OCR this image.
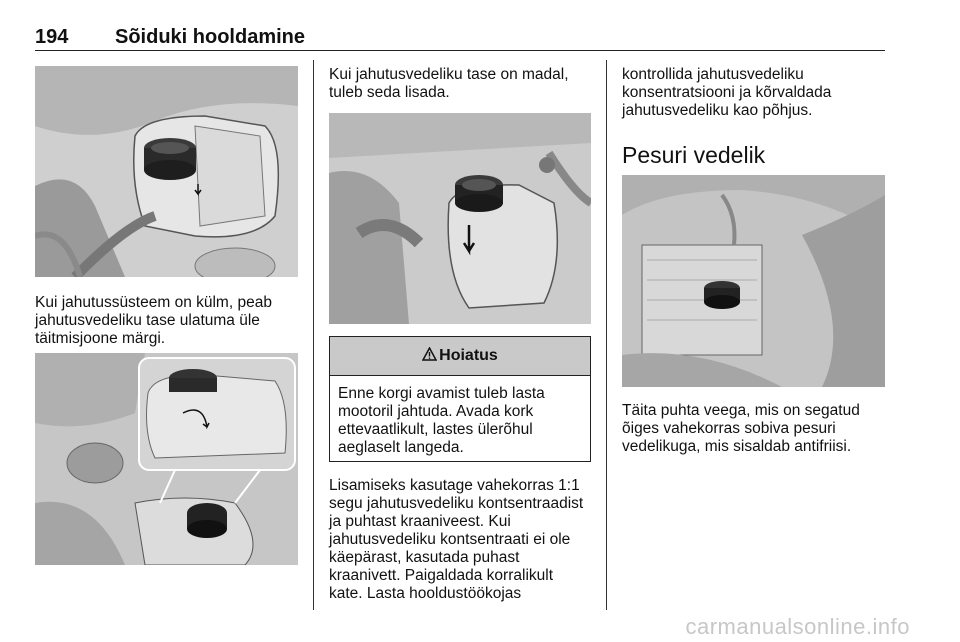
194 Sõiduki hooldamine

Kui jahutussüsteem on külm, peab
jahutusvedeliku tase ulatuma üle
täitmisjoone märgi.

Kui jahutusvedeliku tase on madal,
tuleb seda lisada.

Hoiatus

Enne korgi avamist tuleb lasta
mootoril jahtuda. Avada kork
ettevaatlikult, lastes ülerõhul
aeglaselt langeda.

Lisamiseks kasutage vahekorras 1:1
segu jahutusvedeliku kontsentraadist
ja puhtast kraaniveest. Kui
jahutusvedeliku kontsentraati ei ole
käepärast, kasutada puhast
kraanivett. Paigaldada korralikult
kate. Lasta hooldustöökojas

kontrollida jahutusvedeliku
konsentratsiooni ja kõrvaldada
jahutusvedeliku kao põhjus.

Pesuri vedelik

Täita puhta veega, mis on segatud
õiges vahekorras sobiva pesuri
vedelikuga, mis sisaldab antifriisi.

carmanualsonline.info
